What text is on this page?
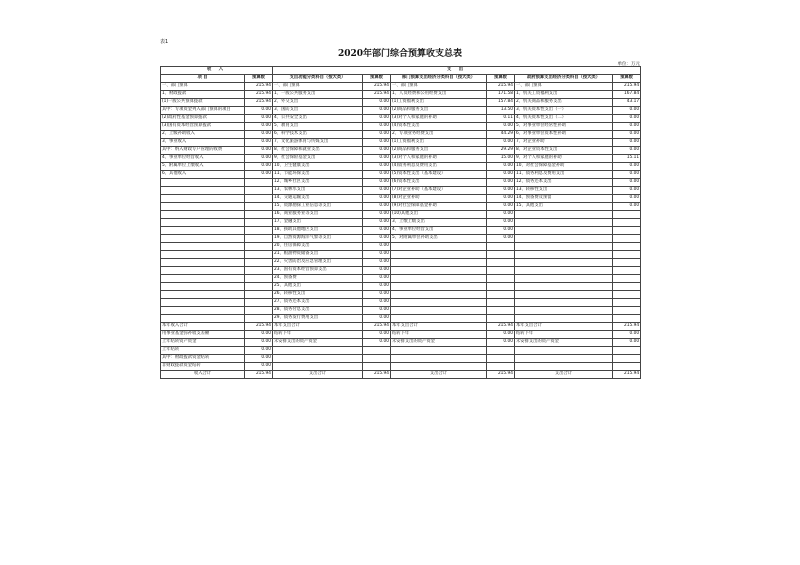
表1
2020年部门综合预算收支总表
单位：万元
收 入		支 出					
项 目	预算数	支出功能分类科目（按大类）	预算数	部门预算支出经济分类科目（按大类）	预算数	政府预算支出经济分类科目（按大类）	预算数
一、部门预算	215.94	一、部门预算	215.94	一、部门预算	215.94	一、部门预算	215.94
1、财政拨款	215.94	1、一般公共服务支出	215.94	1、人员经费和公用经费支出	171.58	1、机关工资福利支出	167.84
(1)一般公共预算拨款	215.94	2、外交支出	0.00	(1)工资福利支出	157.84	2、机关商品和服务支出	43.17
其中：专项资金列入部门预算的项目	0.00	3、国防支出	0.00	(2)商品和服务支出	13.50	3、机关资本性支出（一）	0.00
(2)政府性基金预算拨款	0.00	4、公共安全支出	0.00	(3)对个人和家庭的补助	0.11	4、机关资本性支出（二）	0.00
(3)国有资本经营预算拨款	0.00	5、教育支出	0.00	(4)资本性支出	0.00	5、对事业单位经常性补助	0.00
2、上级补助收入	0.00	6、科学技术支出	0.00	2、专项业务经费支出	44.29	6、对事业单位资本性补助	0.00
3、事业收入	0.00	7、文化旅游体育与传媒支出	0.00	(1)工资福利支出	0.00	7、对企业补助	0.00
其中：纳入财政专户管理的收费	0.00	8、社会保障和就业支出	0.00	(2)商品和服务支出	29.29	8、对企业资本性支出	0.00
4、事业单位经营收入	0.00	9、社会保险基金支出	0.00	(3)对个人和家庭的补助	15.00	9、对个人和家庭的补助	15.11
5、附属单位上缴收入	0.00	10、卫生健康支出	0.00	(4)债务利息及费用支出	0.00	10、对社会保障基金补助	0.00
6、其他收入	0.00	11、节能环保支出	0.00	(5)资本性支出（基本建设）	0.00	11、债务利息及费用支出	0.00
		12、城乡社区支出	0.00	(6)资本性支出	0.00	12、债务还本支出	0.00
		13、农林水支出	0.00	(7)对企业补助（基本建设）	0.00	13、转移性支出	0.00
		14、交通运输支出	0.00	(8)对企业补助	0.00	14、预备费及预留	0.00
		15、资源勘探工业信息等支出	0.00	(9)对社会保障基金补助	0.00	15、其他支出	0.00
		16、商业服务业等支出	0.00	(10)其他支出	0.00		
		17、金融支出	0.00	3、上缴上级支出	0.00		
		18、援助其他地区支出	0.00	4、事业单位经营支出	0.00		
		19、自然资源海洋气象等支出	0.00	5、对附属单位补助支出	0.00		
		20、住房保障支出	0.00				
		21、粮油物资储备支出	0.00				
		22、灾害防治及应急管理支出	0.00				
		23、国有资本经营预算支出	0.00				
		24、预备费	0.00				
		25、其他支出	0.00				
		26、转移性支出	0.00				
		27、债务还本支出	0.00				
		28、债务付息支出	0.00				
		29、债务发行费用支出	0.00				
本年收入合计	215.94	本年支出合计	215.94	本年支出合计	215.94	本年支出合计	215.94
用事业基金弥补收支差额	0.00	结转下年	0.00	结转下年	0.00	结转下年	0.00
上年结转资产资金	0.00	未安排支出的资产资金	0.00	未安排支出的资产资金	0.00	未安排支出的资产资金	0.00
上年结转	0.00						
其中：财政拨款资金结转	0.00						
非财政拨款资金结转	0.00						
收入合计	215.94	支出合计	215.94	支出合计	215.94	支出合计	215.94
